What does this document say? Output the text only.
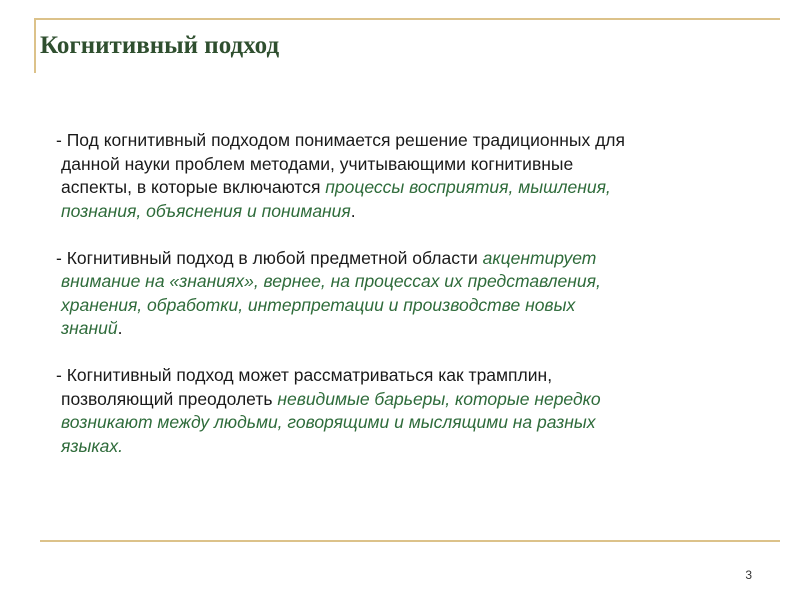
Когнитивный подход
- Под когнитивный подходом понимается решение традиционных для
данной науки проблем методами, учитывающими когнитивные
аспекты, в которые включаются процессы восприятия, мышления,
познания, объяснения и понимания.
- Когнитивный подход в любой предметной области акцентирует
внимание на «знаниях», вернее, на процессах их представления,
хранения, обработки, интерпретации и производстве новых
знаний.
- Когнитивный подход может рассматриваться как трамплин,
позволяющий преодолеть невидимые барьеры, которые нередко
возникают между людьми, говорящими и мыслящими на разных
языках.
3
